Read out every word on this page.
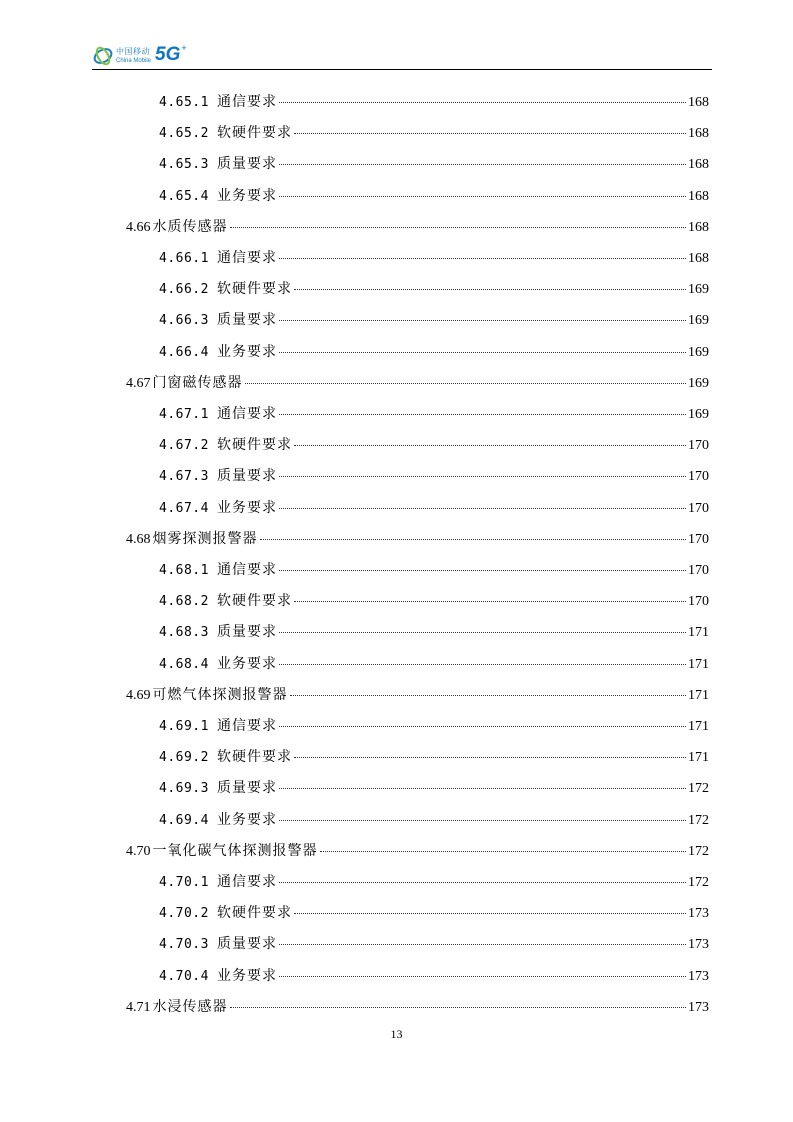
中国移动
China Mobile 5G +
4.65.1 通信要求	168
4.65.2 软硬件要求	168
4.65.3 质量要求	168
4.65.4 业务要求	168
4.66 水质传感器	168
4.66.1 通信要求	168
4.66.2 软硬件要求	169
4.66.3 质量要求	169
4.66.4 业务要求	169
4.67 门窗磁传感器	169
4.67.1 通信要求	169
4.67.2 软硬件要求	170
4.67.3 质量要求	170
4.67.4 业务要求	170
4.68 烟雾探测报警器	170
4.68.1 通信要求	170
4.68.2 软硬件要求	170
4.68.3 质量要求	171
4.68.4 业务要求	171
4.69 可燃气体探测报警器	171
4.69.1 通信要求	171
4.69.2 软硬件要求	171
4.69.3 质量要求	172
4.69.4 业务要求	172
4.70 一氧化碳气体探测报警器	172
4.70.1 通信要求	172
4.70.2 软硬件要求	173
4.70.3 质量要求	173
4.70.4 业务要求	173
4.71 水浸传感器	173
13
